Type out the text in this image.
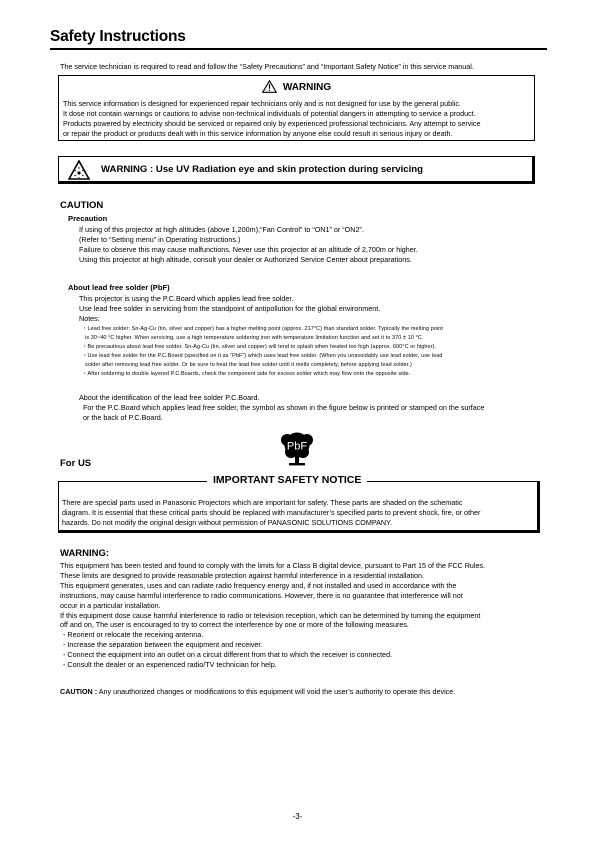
Safety Instructions
The service technician is required to read and follow the “Safety Precautions” and “Important Safety Notice” in this service manual.
WARNING
This service information is designed for experienced repair technicians only and is not designed for use by the general public.
It dose not contain warnings or cautions to advise non-technical individuals of potential dangers in attempting to service a product.
Products powered by electricity should be serviced or repaired only by experienced professional technicians. Any attempt to service
or repair the product or products dealt with in this service information by anyone else could result in serious injury or death.
WARNING : Use UV Radiation eye and skin protection during servicing
CAUTION
Precaution
If using of this projector at high altitudes (above 1,200m),“Fan Control” to “ON1” or “ON2”.
(Refer to “Setting menu” in Operating Instructions.)
Failure to observe this may cause malfunctions. Never use this projector at an altitude of 2,700m or higher.
Using this projector at high altitude, consult your dealer or Authorized Service Center about preparations.
About lead free solder (PbF)
This projector is using the P.C.Board which applies lead free solder.
Use lead free solder in servicing from the standpoint of antipollution for the global environment.
Notes:
・Lead free solder: Sn-Ag-Cu (tin, silver and copper) has a higher melting point (approx. 217°C) than standard solder. Typically the melting point
is 30~40 °C higher. When servicing, use a high temperature soldering iron with temperature limitation function and set it to 370 ± 10 °C.
・Be precautious about lead free solder. Sn-Ag-Cu (tin, silver and copper) will tend to splash when heated too high (approx. 600°C or higher).
・Use lead free solder for the P.C.Board (specified on it as “PbF”) which uses lead free solder. (When you unavoidably use lead solder, use lead
solder after removing lead free solder. Or be sure to heat the lead free solder until it melts completely, before applying lead solder.)
・After soldering to double layered P.C.Boards, check the component side for excess solder which may flow onto the opposite side.
About the identification of the lead free solder P.C.Board.
For the P.C.Board which applies lead free solder, the symbol as shown in the figure below is printed or stamped on the surface
or the back of P.C.Board.
PbF
For US
There are special parts used in Panasonic Projectors which are important for safety. These parts are shaded on the schematic
diagram. It is essential that these critical parts should be replaced with manufacturer’s specified parts to prevent shock, fire, or other
hazards. Do not modify the original design without permission of PANASONIC SOLUTIONS COMPANY.
IMPORTANT SAFETY NOTICE
WARNING:
This equipment has been tested and found to comply with the limits for a Class B digital device, pursuant to Part 15 of the FCC Rules.
These limits are designed to provide reasonable protection against harmful interference in a residential installation.
This equipment generates, uses and can radiate radio frequency energy and, if not installed and used in accordance with the
instructions, may cause harmful interference to radio communications. However, there is no guarantee that interference will not
occur in a particular installation.
If this equipment dose cause harmful interference to radio or television reception, which can be determined by turning the equipment
off and on, The user is encouraged to try to correct the interference by one or more of the following measures.
- Reorient or relocate the receiving antenna.
- Increase the separation between the equipment and receiver.
- Connect the equipment into an outlet on a circuit different from that to which the receiver is connected.
- Consult the dealer or an experienced radio/TV technician for help.
CAUTION : Any unauthorized changes or modifications to this equipment will void the user’s authority to operate this device.
-3-
